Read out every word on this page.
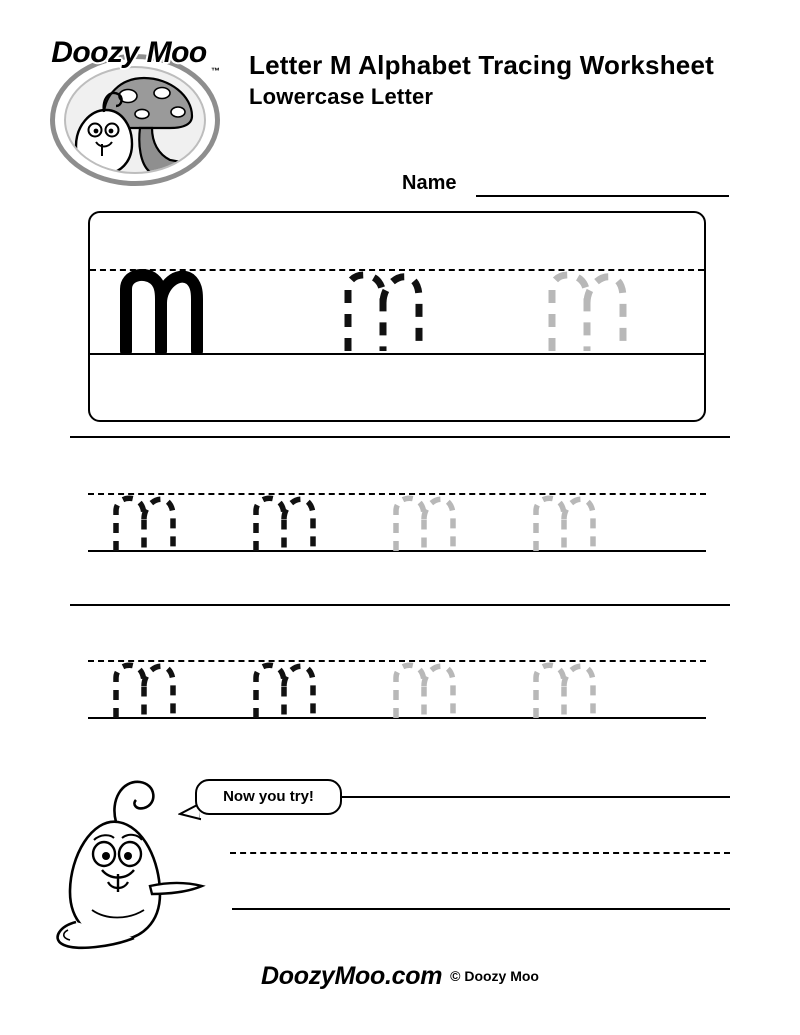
Doozy Moo
™ Letter M Alphabet Tracing Worksheet
Lowercase Letter
Name
Now you try!
DoozyMoo.com © Doozy Moo
